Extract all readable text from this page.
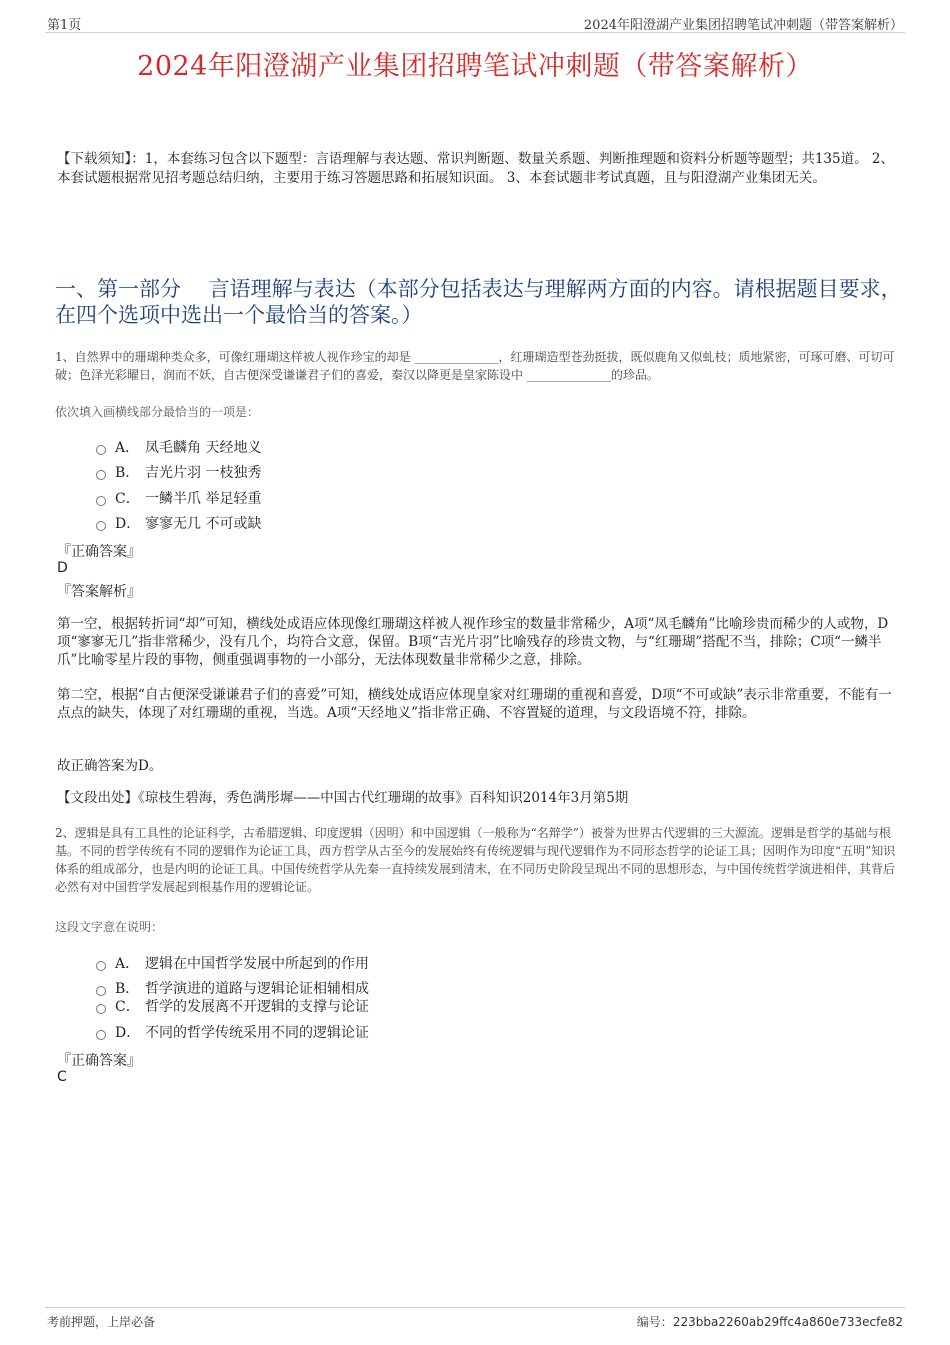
第1页	2024年阳澄湖产业集团招聘笔试冲刺题（带答案解析）
2024年阳澄湖产业集团招聘笔试冲刺题（带答案解析）
【下载须知】：1，本套练习包含以下题型：言语理解与表达题、常识判断题、数量关系题、判断推理题和资料分析题等题型；共135道。 2、本套试题根据常见招考题总结归纳，主要用于练习答题思路和拓展知识面。 3、本套试题非考试真题，且与阳澄湖产业集团无关。
一、第一部分　 言语理解与表达（本部分包括表达与理解两方面的内容。请根据题目要求，在四个选项中选出一个最恰当的答案。）
1、自然界中的珊瑚种类众多，可像红珊瑚这样被人视作珍宝的却是 ______________，红珊瑚造型苍劲挺拔，既似鹿角又似虬枝；质地紧密，可琢可磨、可切可破；色泽光彩曜日，润而不妖，自古便深受谦谦君子们的喜爱，秦汉以降更是皇家陈设中 ______________的珍品。
依次填入画横线部分最恰当的一项是：
A． 凤毛麟角 天经地义
B． 吉光片羽 一枝独秀
C． 一鳞半爪 举足轻重
D． 寥寥无几 不可或缺
『正确答案』
D
『答案解析』
第一空，根据转折词“却”可知，横线处成语应体现像红珊瑚这样被人视作珍宝的数量非常稀少，A项“凤毛麟角”比喻珍贵而稀少的人或物，D项“寥寥无几”指非常稀少，没有几个，均符合文意，保留。B项“吉光片羽”比喻残存的珍贵文物，与“红珊瑚”搭配不当，排除；C项“一鳞半爪”比喻零星片段的事物，侧重强调事物的一小部分，无法体现数量非常稀少之意，排除。
第二空，根据“自古便深受谦谦君子们的喜爱”可知，横线处成语应体现皇家对红珊瑚的重视和喜爱，D项“不可或缺”表示非常重要，不能有一点点的缺失，体现了对红珊瑚的重视，当选。A项“天经地义”指非常正确、不容置疑的道理，与文段语境不符，排除。
故正确答案为D。
【文段出处】《琼枝生碧海，秀色满彤墀——中国古代红珊瑚的故事》百科知识2014年3月第5期
2、逻辑是具有工具性的论证科学，古希腊逻辑、印度逻辑（因明）和中国逻辑（一般称为“名辩学”）被誉为世界古代逻辑的三大源流。逻辑是哲学的基础与根基。不同的哲学传统有不同的逻辑作为论证工具，西方哲学从古至今的发展始终有传统逻辑与现代逻辑作为不同形态哲学的论证工具；因明作为印度“五明”知识体系的组成部分，也是内明的论证工具。中国传统哲学从先秦一直持续发展到清末，在不同历史阶段呈现出不同的思想形态，与中国传统哲学演进相伴，其背后必然有对中国哲学发展起到根基作用的逻辑论证。
这段文字意在说明：
A． 逻辑在中国哲学发展中所起到的作用
B． 哲学演进的道路与逻辑论证相辅相成
C． 哲学的发展离不开逻辑的支撑与论证
D． 不同的哲学传统采用不同的逻辑论证
『正确答案』
C
考前押题，上岸必备	编号：223bba2260ab29ffc4a860e733ecfe82
